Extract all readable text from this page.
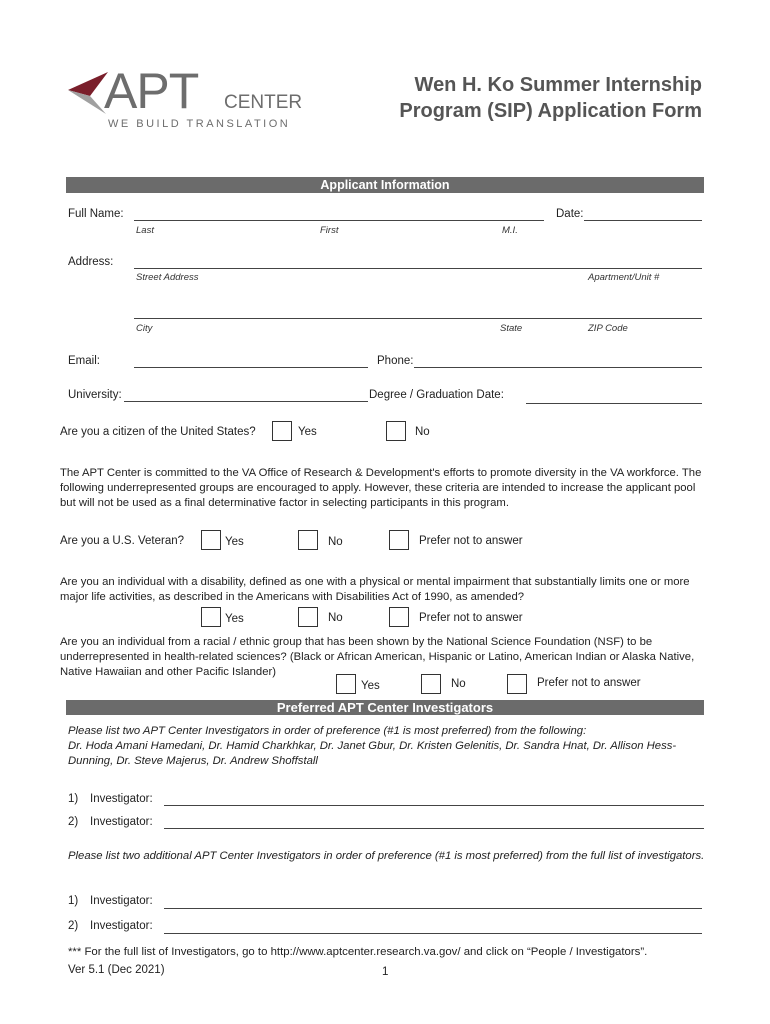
APT CENTER
WE BUILD TRANSLATION
Wen H. Ko Summer Internship
Program (SIP) Application Form
Applicant Information
Full Name:	Date:
Last	First	M.I.
Address:
Street Address	Apartment/Unit #
City	State	ZIP Code
Email:	Phone:
University:	Degree / Graduation Date:
Are you a citizen of the United States?	Yes	No
The APT Center is committed to the VA Office of Research & Development's efforts to promote diversity in the VA workforce. The following underrepresented groups are encouraged to apply. However, these criteria are intended to increase the applicant pool but will not be used as a final determinative factor in selecting participants in this program.
Are you a U.S. Veteran?	Yes	No	Prefer not to answer
Are you an individual with a disability, defined as one with a physical or mental impairment that substantially limits one or more major life activities, as described in the Americans with Disabilities Act of 1990, as amended?
Yes	No	Prefer not to answer
Are you an individual from a racial / ethnic group that has been shown by the National Science Foundation (NSF) to be underrepresented in health-related sciences? (Black or African American, Hispanic or Latino, American Indian or Alaska Native, Native Hawaiian and other Pacific Islander)
Yes	No	Prefer not to answer
Preferred APT Center Investigators
Please list two APT Center Investigators in order of preference (#1 is most preferred) from the following:
Dr. Hoda Amani Hamedani, Dr. Hamid Charkhkar, Dr. Janet Gbur, Dr. Kristen Gelenitis, Dr. Sandra Hnat, Dr. Allison Hess-Dunning, Dr. Steve Majerus, Dr. Andrew Shoffstall
1) Investigator:
2) Investigator:
Please list two additional APT Center Investigators in order of preference (#1 is most preferred) from the full list of investigators.
1) Investigator:
2) Investigator:
*** For the full list of Investigators, go to http://www.aptcenter.research.va.gov/ and click on “People / Investigators”.
Ver 5.1 (Dec 2021)	1
